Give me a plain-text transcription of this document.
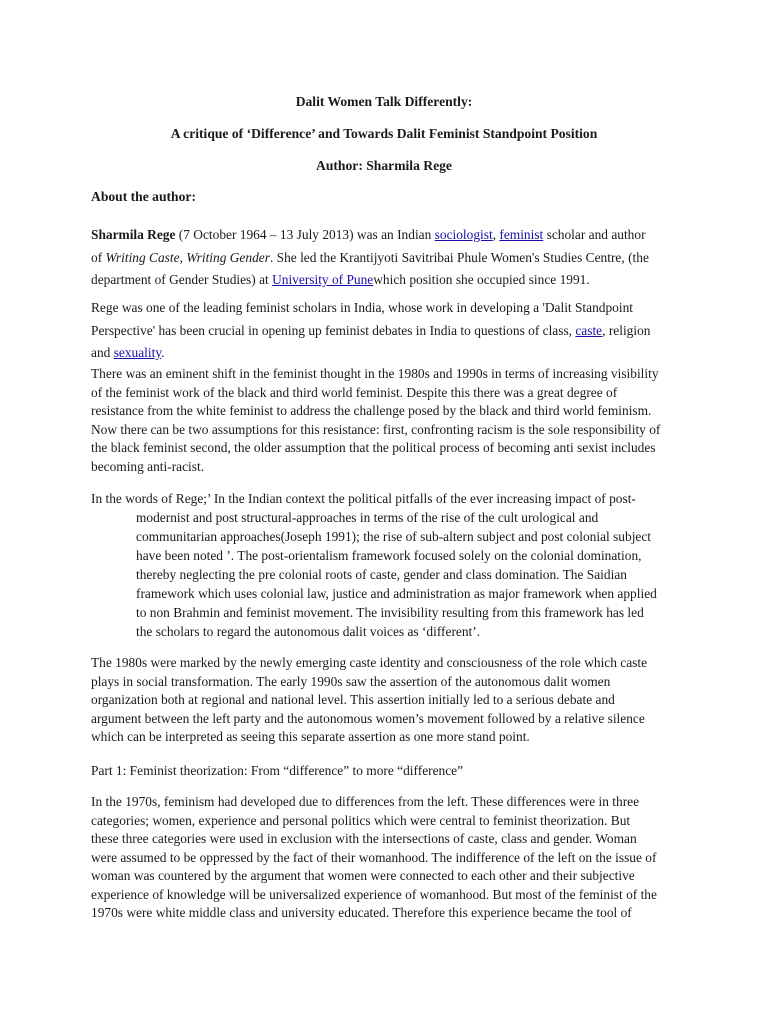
Dalit Women Talk Differently:

A critique of ‘Difference’ and Towards Dalit Feminist Standpoint Position

Author: Sharmila Rege

About the author:

Sharmila Rege (7 October 1964 – 13 July 2013) was an Indian sociologist, feminist scholar and author
of Writing Caste, Writing Gender. She led the Krantijyoti Savitribai Phule Women's Studies Centre, (the
department of Gender Studies) at University of Punewhich position she occupied since 1991.

Rege was one of the leading feminist scholars in India, whose work in developing a 'Dalit Standpoint
Perspective' has been crucial in opening up feminist debates in India to questions of class, caste, religion
and sexuality.

There was an eminent shift in the feminist thought in the 1980s and 1990s in terms of increasing visibility
of the feminist work of the black and third world feminist. Despite this there was a great degree of
resistance from the white feminist to address the challenge posed by the black and third world feminism.
Now there can be two assumptions for this resistance: first, confronting racism is the sole responsibility of
the black feminist second, the older assumption that the political process of becoming anti sexist includes
becoming anti-racist.

In the words of Rege;’ In the Indian context the political pitfalls of the ever increasing impact of post-

modernist and post structural-approaches in terms of the rise of the cult urological and
communitarian approaches(Joseph 1991); the rise of sub-altern subject and post colonial subject
have been noted ’. The post-orientalism framework focused solely on the colonial domination,
thereby neglecting the pre colonial roots of caste, gender and class domination. The Saidian
framework which uses colonial law, justice and administration as major framework when applied
to non Brahmin and feminist movement. The invisibility resulting from this framework has led
the scholars to regard the autonomous dalit voices as ‘different’.

The 1980s were marked by the newly emerging caste identity and consciousness of the role which caste
plays in social transformation. The early 1990s saw the assertion of the autonomous dalit women
organization both at regional and national level. This assertion initially led to a serious debate and
argument between the left party and the autonomous women’s movement followed by a relative silence
which can be interpreted as seeing this separate assertion as one more stand point.

Part 1: Feminist theorization: From “difference” to more “difference”

In the 1970s, feminism had developed due to differences from the left. These differences were in three
categories; women, experience and personal politics which were central to feminist theorization. But
these three categories were used in exclusion with the intersections of caste, class and gender. Woman
were assumed to be oppressed by the fact of their womanhood. The indifference of the left on the issue of
woman was countered by the argument that women were connected to each other and their subjective
experience of knowledge will be universalized experience of womanhood. But most of the feminist of the
1970s were white middle class and university educated. Therefore this experience became the tool of
